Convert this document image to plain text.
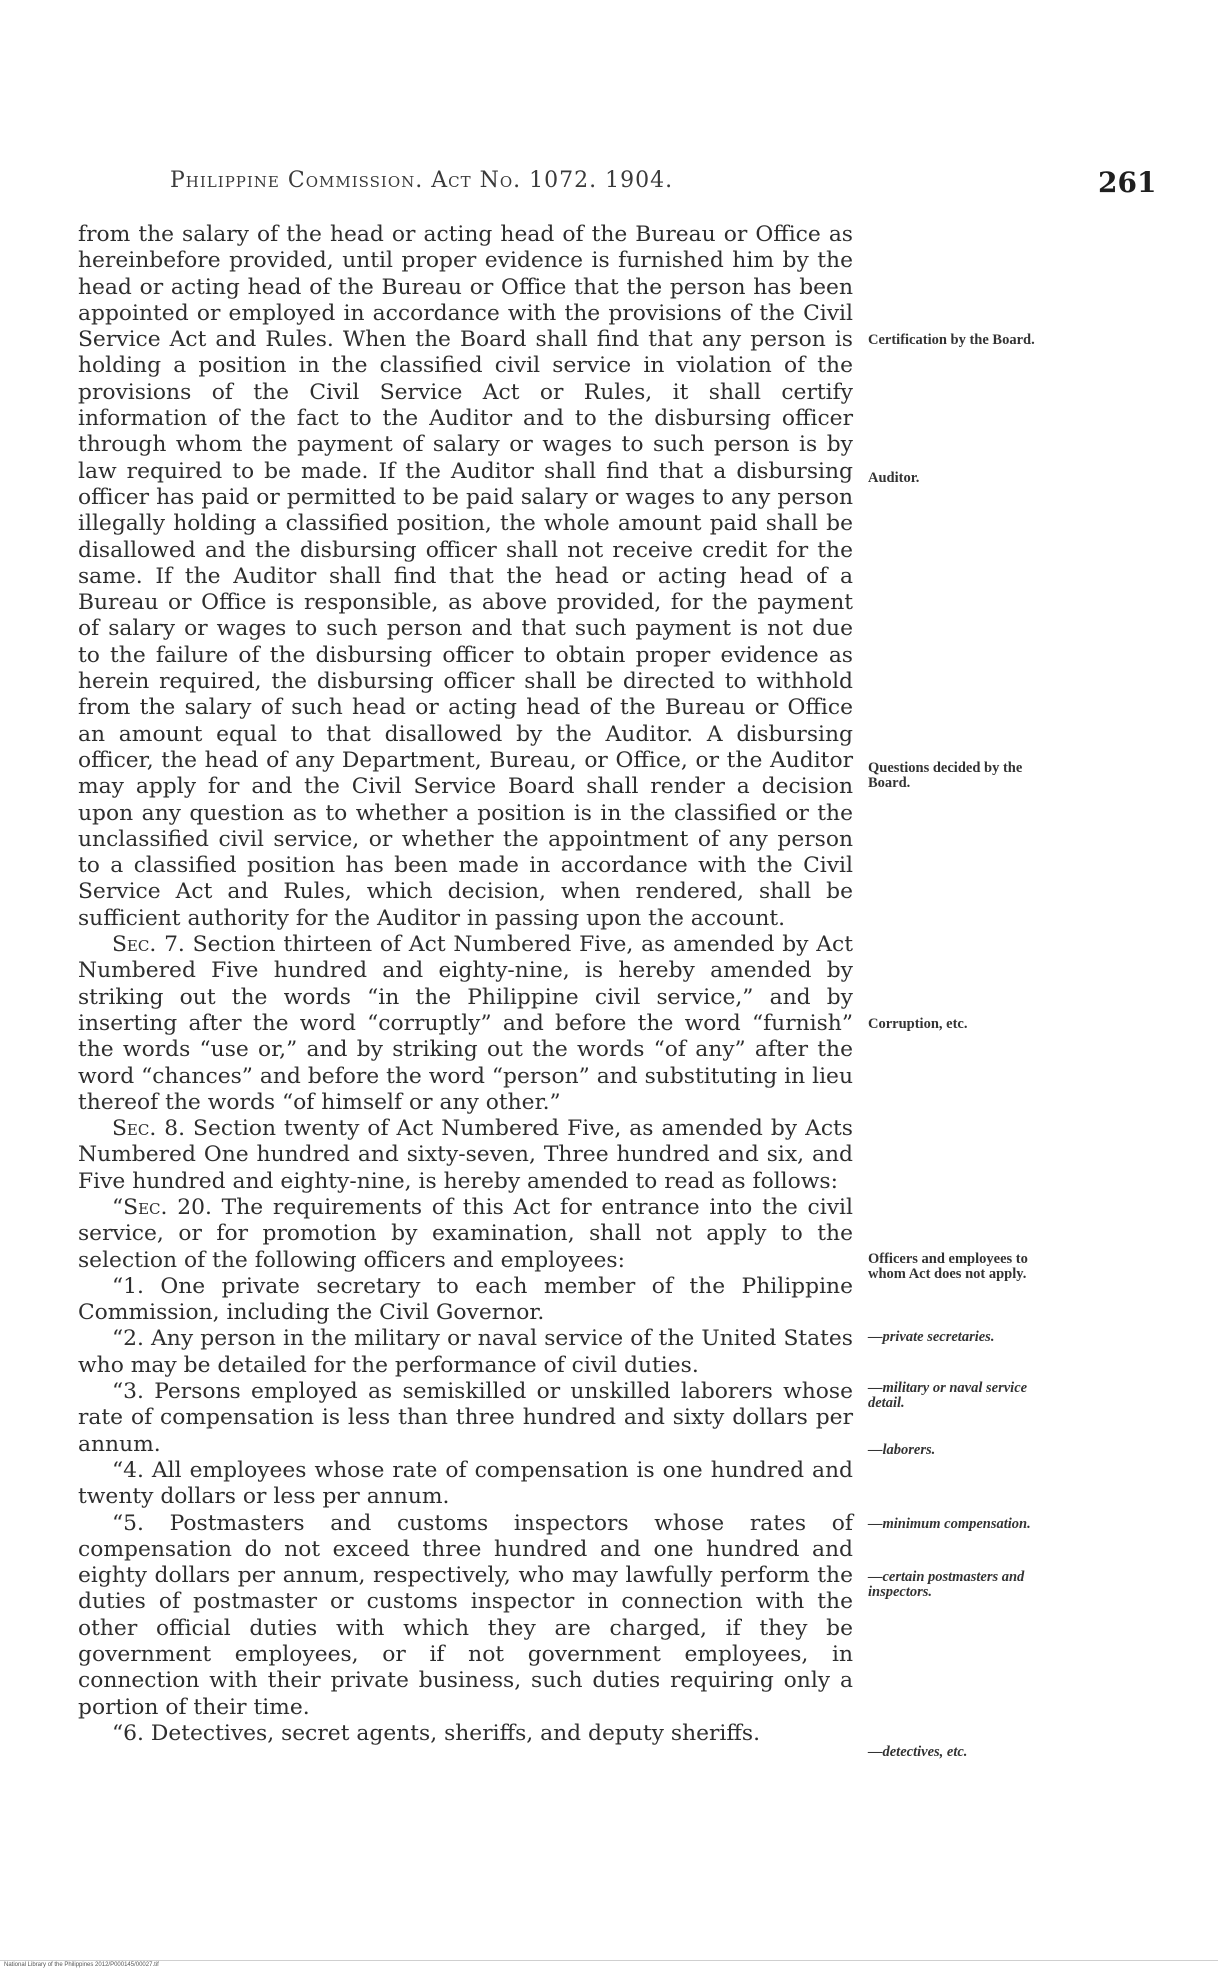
Philippine Commission. Act No. 1072. 1904.	261

from the salary of the head or acting head of the Bureau or Office as hereinbefore provided, until proper evidence is furnished him by the head or acting head of the Bureau or Office that the person has been appointed or employed in accordance with the provisions of the Civil Service Act and Rules. When the Board shall find that any person is holding a position in the classified civil service in violation of the provisions of the Civil Service Act or Rules, it shall certify information of the fact to the Auditor and to the disbursing officer through whom the payment of salary or wages to such person is by law required to be made. If the Auditor shall find that a disbursing officer has paid or permitted to be paid salary or wages to any person illegally holding a classified position, the whole amount paid shall be disallowed and the disbursing officer shall not receive credit for the same. If the Auditor shall find that the head or acting head of a Bureau or Office is responsible, as above provided, for the payment of salary or wages to such person and that such payment is not due to the failure of the disbursing officer to obtain proper evidence as herein required, the disbursing officer shall be directed to withhold from the salary of such head or acting head of the Bureau or Office an amount equal to that disallowed by the Auditor. A disbursing officer, the head of any Department, Bureau, or Office, or the Auditor may apply for and the Civil Service Board shall render a decision upon any question as to whether a position is in the classified or the unclassified civil service, or whether the appointment of any person to a classified position has been made in accordance with the Civil Service Act and Rules, which decision, when rendered, shall be sufficient authority for the Auditor in passing upon the account.

Sec. 7. Section thirteen of Act Numbered Five, as amended by Act Numbered Five hundred and eighty-nine, is hereby amended by striking out the words “in the Philippine civil service,” and by inserting after the word “corruptly” and before the word “furnish” the words “use or,” and by striking out the words “of any” after the word “chances” and before the word “person” and substituting in lieu thereof the words “of himself or any other.”

Sec. 8. Section twenty of Act Numbered Five, as amended by Acts Numbered One hundred and sixty-seven, Three hundred and six, and Five hundred and eighty-nine, is hereby amended to read as follows:

“Sec. 20. The requirements of this Act for entrance into the civil service, or for promotion by examination, shall not apply to the selection of the following officers and employees:

“1. One private secretary to each member of the Philippine Commission, including the Civil Governor.

“2. Any person in the military or naval service of the United States who may be detailed for the performance of civil duties.

“3. Persons employed as semiskilled or unskilled laborers whose rate of compensation is less than three hundred and sixty dollars per annum.

“4. All employees whose rate of compensation is one hundred and twenty dollars or less per annum.

“5. Postmasters and customs inspectors whose rates of compensation do not exceed three hundred and one hundred and eighty dollars per annum, respectively, who may lawfully perform the duties of postmaster or customs inspector in connection with the other official duties with which they are charged, if they be government employees, or if not government employees, in connection with their private business, such duties requiring only a portion of their time.

“6. Detectives, secret agents, sheriffs, and deputy sheriffs.

Certification by the Board.
Auditor.
Questions decided by the Board.
Corruption, etc.
Officers and employees to whom Act does not apply.
—private secretaries.
—military or naval service detail.
—laborers.
—minimum compensation.
—certain postmasters and inspectors.
—detectives, etc.
National Library of the Philippines 2012/P000145/00027.tif
